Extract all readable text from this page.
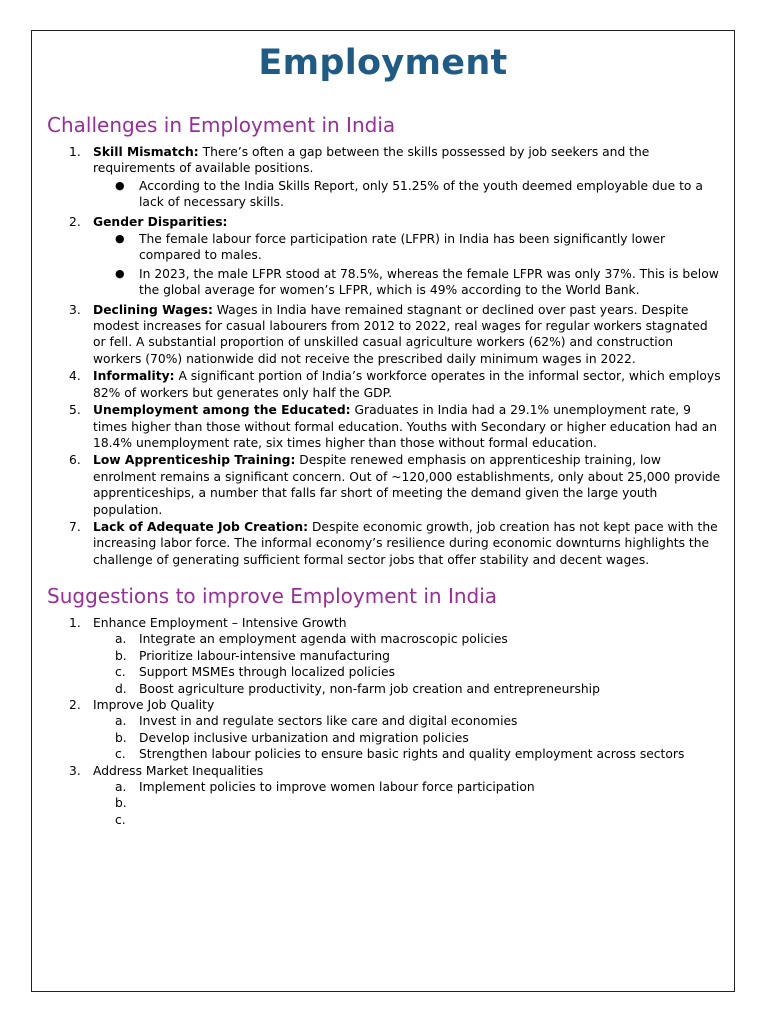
Employment
Challenges in Employment in India
1. Skill Mismatch: There’s often a gap between the skills possessed by job seekers and the requirements of available positions.
● According to the India Skills Report, only 51.25% of the youth deemed employable due to a lack of necessary skills.
2. Gender Disparities:
● The female labour force participation rate (LFPR) in India has been significantly lower compared to males.
● In 2023, the male LFPR stood at 78.5%, whereas the female LFPR was only 37%. This is below the global average for women’s LFPR, which is 49% according to the World Bank.
3. Declining Wages: Wages in India have remained stagnant or declined over past years. Despite modest increases for casual labourers from 2012 to 2022, real wages for regular workers stagnated or fell. A substantial proportion of unskilled casual agriculture workers (62%) and construction workers (70%) nationwide did not receive the prescribed daily minimum wages in 2022.
4. Informality: A significant portion of India’s workforce operates in the informal sector, which employs 82% of workers but generates only half the GDP.
5. Unemployment among the Educated: Graduates in India had a 29.1% unemployment rate, 9 times higher than those without formal education. Youths with Secondary or higher education had an 18.4% unemployment rate, six times higher than those without formal education.
6. Low Apprenticeship Training: Despite renewed emphasis on apprenticeship training, low enrolment remains a significant concern. Out of ~120,000 establishments, only about 25,000 provide apprenticeships, a number that falls far short of meeting the demand given the large youth population.
7. Lack of Adequate Job Creation: Despite economic growth, job creation has not kept pace with the increasing labor force. The informal economy’s resilience during economic downturns highlights the challenge of generating sufficient formal sector jobs that offer stability and decent wages.
Suggestions to improve Employment in India
1. Enhance Employment – Intensive Growth
a. Integrate an employment agenda with macroscopic policies
b. Prioritize labour-intensive manufacturing
c. Support MSMEs through localized policies
d. Boost agriculture productivity, non-farm job creation and entrepreneurship
2. Improve Job Quality
a. Invest in and regulate sectors like care and digital economies
b. Develop inclusive urbanization and migration policies
c. Strengthen labour policies to ensure basic rights and quality employment across sectors
3. Address Market Inequalities
a. Implement policies to improve women labour force participation
b.
c.
